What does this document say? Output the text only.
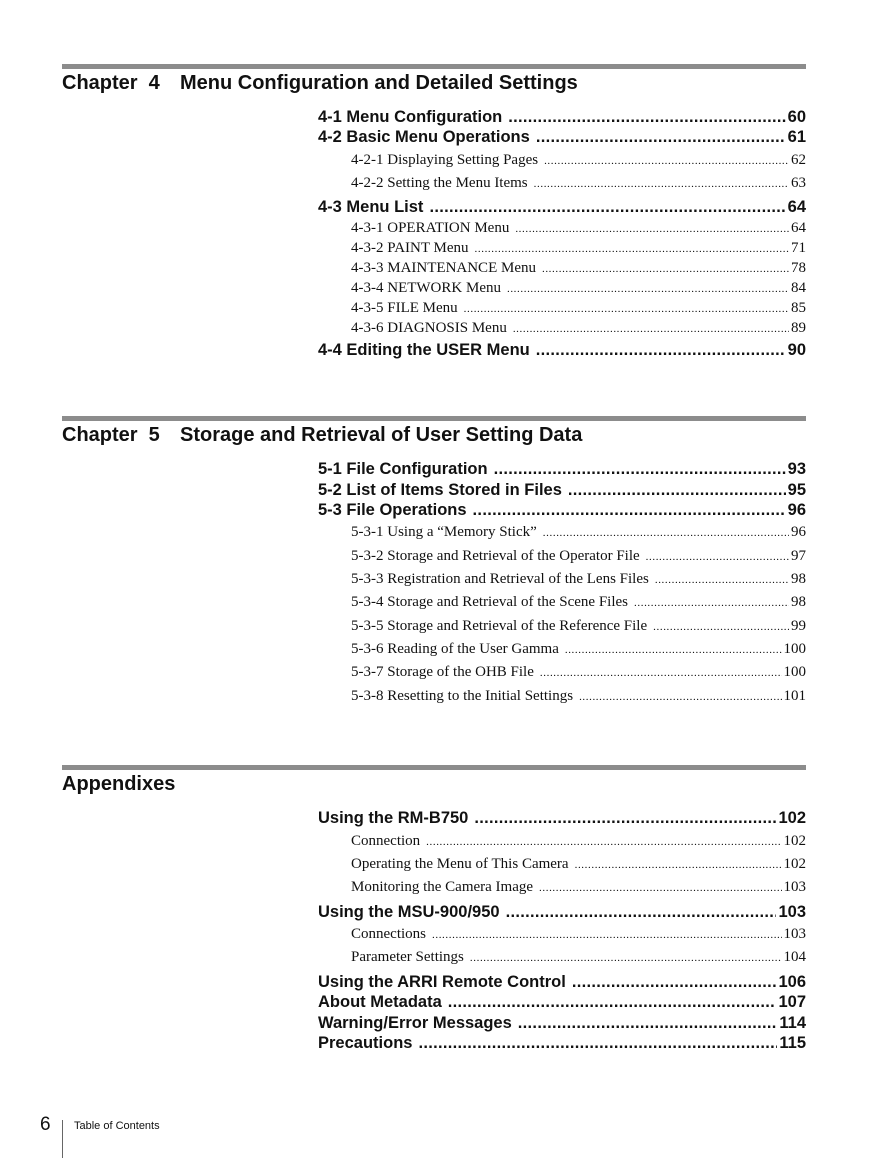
Chapter  4 Menu Configuration and Detailed Settings
4-1 Menu Configuration .....	60
4-2 Basic Menu Operations .....	61
4-2-1 Displaying Setting Pages .....	62
4-2-2 Setting the Menu Items .....	63
4-3 Menu List .....	64
4-3-1 OPERATION Menu .....	64
4-3-2 PAINT Menu .....	71
4-3-3 MAINTENANCE Menu .....	78
4-3-4 NETWORK Menu .....	84
4-3-5 FILE Menu .....	85
4-3-6 DIAGNOSIS Menu .....	89
4-4 Editing the USER Menu .....	90
Chapter  5 Storage and Retrieval of User Setting Data
5-1 File Configuration .....	93
5-2 List of Items Stored in Files .....	95
5-3 File Operations .....	96
5-3-1 Using a “Memory Stick” .....	96
5-3-2 Storage and Retrieval of the Operator File .....	97
5-3-3 Registration and Retrieval of the Lens Files .....	98
5-3-4 Storage and Retrieval of the Scene Files .....	98
5-3-5 Storage and Retrieval of the Reference File .....	99
5-3-6 Reading of the User Gamma .....	100
5-3-7 Storage of the OHB File .....	100
5-3-8 Resetting to the Initial Settings .....	101
Appendixes
Using the RM-B750 .....	102
Connection .....	102
Operating the Menu of This Camera .....	102
Monitoring the Camera Image .....	103
Using the MSU-900/950 .....	103
Connections .....	103
Parameter Settings .....	104
Using the ARRI Remote Control .....	106
About Metadata .....	107
Warning/Error Messages .....	114
Precautions .....	115
6 Table of Contents
